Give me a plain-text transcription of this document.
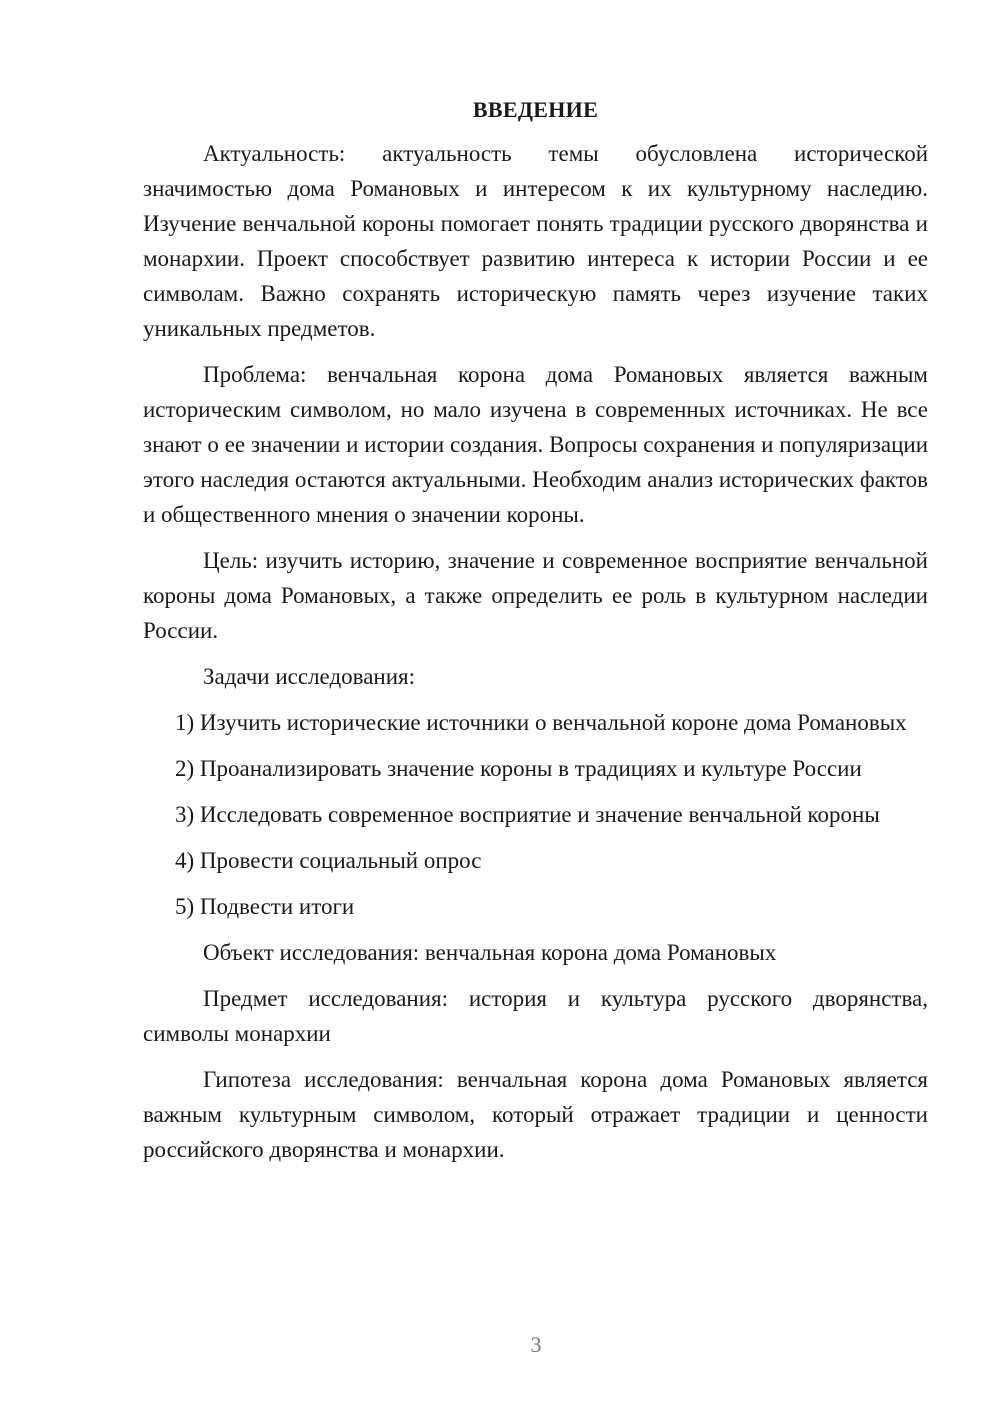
ВВЕДЕНИЕ

Актуальность: актуальность темы обусловлена исторической значимостью дома Романовых и интересом к их культурному наследию. Изучение венчальной короны помогает понять традиции русского дворянства и монархии. Проект способствует развитию интереса к истории России и ее символам. Важно сохранять историческую память через изучение таких уникальных предметов.

Проблема: венчальная корона дома Романовых является важным историческим символом, но мало изучена в современных источниках. Не все знают о ее значении и истории создания. Вопросы сохранения и популяризации этого наследия остаются актуальными. Необходим анализ исторических фактов и общественного мнения о значении короны.

Цель: изучить историю, значение и современное восприятие венчальной короны дома Романовых, а также определить ее роль в культурном наследии России.

Задачи исследования:

1) Изучить исторические источники о венчальной короне дома Романовых

2) Проанализировать значение короны в традициях и культуре России

3) Исследовать современное восприятие и значение венчальной короны

4) Провести социальный опрос

5) Подвести итоги

Объект исследования: венчальная корона дома Романовых

Предмет исследования: история и культура русского дворянства, символы монархии

Гипотеза исследования: венчальная корона дома Романовых является важным культурным символом, который отражает традиции и ценности российского дворянства и монархии.

3
